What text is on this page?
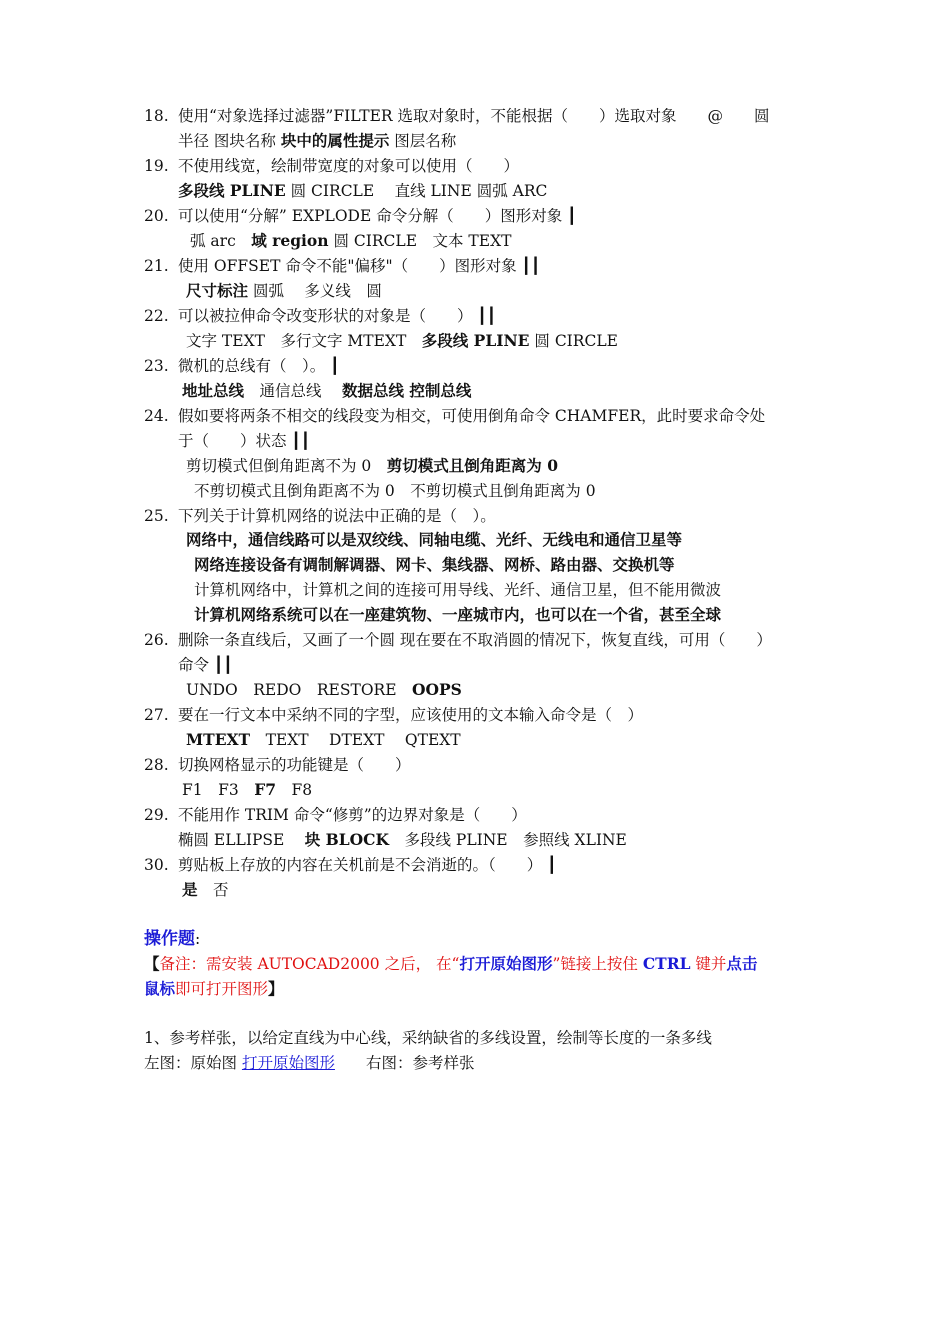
18. 使用“对象选择过滤器”FILTER 选取对象时，不能根据（　　）选取对象　　@　　圆
半径 图块名称 块中的属性提示 图层名称
19. 不使用线宽，绘制带宽度的对象可以使用（　　）
多段线 PLINE 圆 CIRCLE　 直线 LINE 圆弧 ARC
20. 可以使用“分解” EXPLODE 命令分解（　　）图形对象 ┃
弧 arc　域 region 圆 CIRCLE　文本 TEXT
21. 使用 OFFSET 命令不能"偏移"（　　）图形对象 ┃┃
尺寸标注 圆弧　 多义线　圆
22. 可以被拉伸命令改变形状的对象是（　　） ┃┃
文字 TEXT　多行文字 MTEXT　多段线 PLINE 圆 CIRCLE
23. 微机的总线有（　）。 ┃
地址总线　通信总线　 数据总线 控制总线
24. 假如要将两条不相交的线段变为相交，可使用倒角命令 CHAMFER，此时要求命令处
于（　　）状态 ┃┃
剪切模式但倒角距离不为 0　剪切模式且倒角距离为 0
不剪切模式且倒角距离不为 0　不剪切模式且倒角距离为 0
25. 下列关于计算机网络的说法中正确的是（　）。
网络中，通信线路可以是双绞线、同轴电缆、光纤、无线电和通信卫星等
网络连接设备有调制解调器、网卡、集线器、网桥、路由器、交换机等
计算机网络中，计算机之间的连接可用导线、光纤、通信卫星，但不能用微波
计算机网络系统可以在一座建筑物、一座城市内，也可以在一个省，甚至全球
26. 删除一条直线后，又画了一个圆 现在要在不取消圆的情况下，恢复直线，可用（　　）
命令 ┃┃
UNDO　REDO　RESTORE　OOPS
27. 要在一行文本中采纳不同的字型，应该使用的文本输入命令是（　）
MTEXT　TEXT　 DTEXT　 QTEXT
28. 切换网格显示的功能键是（　　）
F1　F3　F7　F8
29. 不能用作 TRIM 命令“修剪”的边界对象是（　　）
椭圆 ELLIPSE　 块 BLOCK　多段线 PLINE　参照线 XLINE
30. 剪贴板上存放的内容在关机前是不会消逝的。（　　） ┃
是　否
操作题:
【备注：需安装 AUTOCAD2000 之后， 在“打开原始图形”链接上按住 CTRL 键并点击
鼠标即可打开图形】
1、参考样张，以给定直线为中心线，采纳缺省的多线设置，绘制等长度的一条多线
左图：原始图 打开原始图形　　右图：参考样张
